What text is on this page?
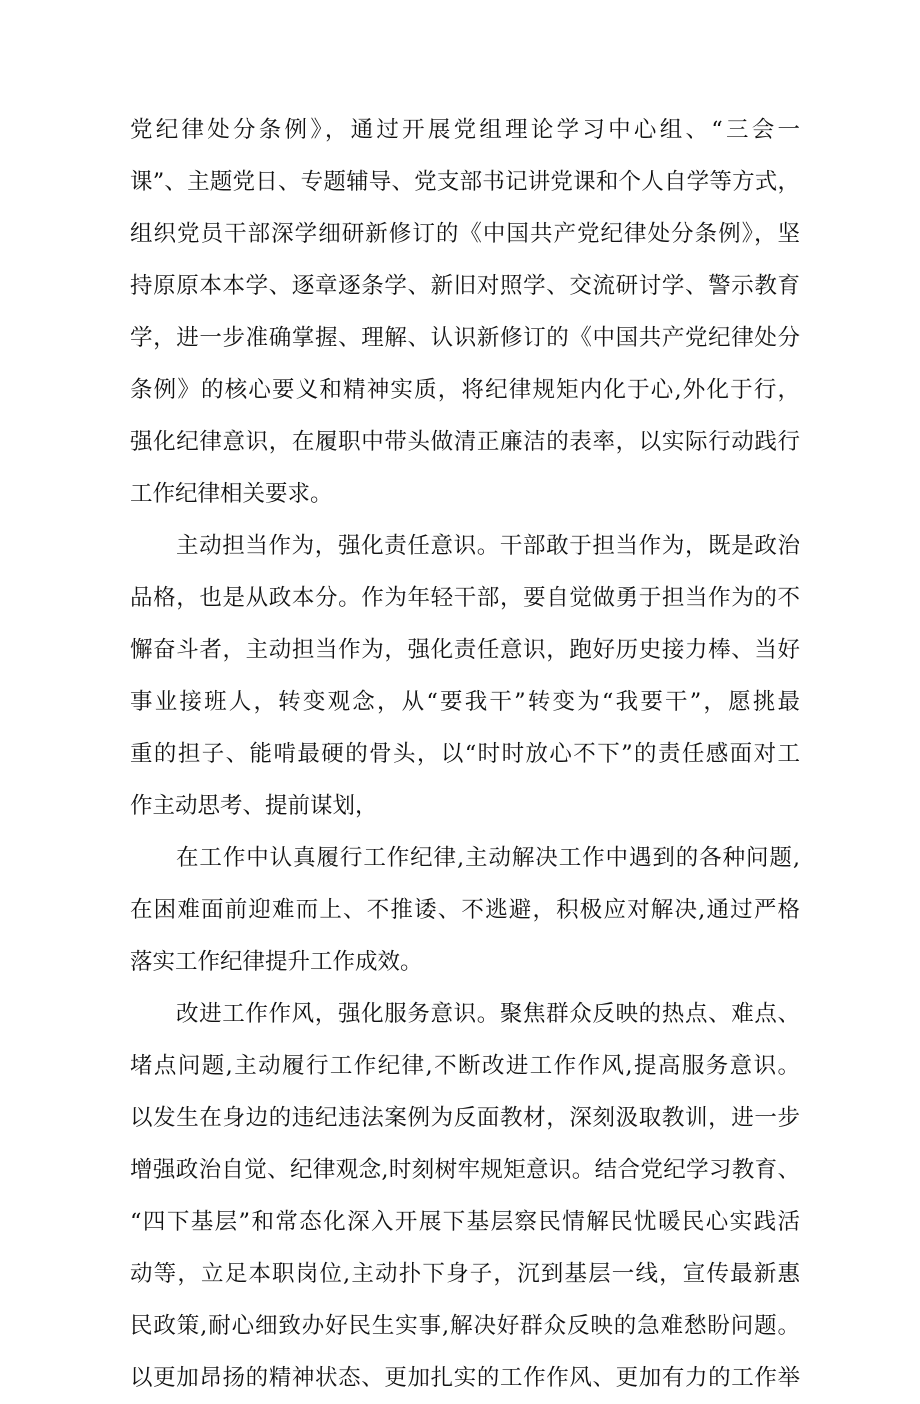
党纪律处分条例》，通过开展党组理论学习中心组、“三会一
课”、主题党日、专题辅导、党支部书记讲党课和个人自学等方式，
组织党员干部深学细研新修订的《中国共产党纪律处分条例》，坚
持原原本本学、逐章逐条学、新旧对照学、交流研讨学、警示教育
学，进一步准确掌握、理解、认识新修订的《中国共产党纪律处分
条例》的核心要义和精神实质，将纪律规矩内化于心,外化于行，
强化纪律意识，在履职中带头做清正廉洁的表率，以实际行动践行
工作纪律相关要求。
主动担当作为，强化责任意识。干部敢于担当作为，既是政治
品格，也是从政本分。作为年轻干部，要自觉做勇于担当作为的不
懈奋斗者，主动担当作为，强化责任意识，跑好历史接力棒、当好
事业接班人，转变观念，从“要我干”转变为“我要干”，愿挑最
重的担子、能啃最硬的骨头，以“时时放心不下”的责任感面对工
作主动思考、提前谋划，
在工作中认真履行工作纪律,主动解决工作中遇到的各种问题,
在困难面前迎难而上、不推诿、不逃避，积极应对解决,通过严格
落实工作纪律提升工作成效。
改进工作作风，强化服务意识。聚焦群众反映的热点、难点、
堵点问题,主动履行工作纪律,不断改进工作作风,提高服务意识。
以发生在身边的违纪违法案例为反面教材，深刻汲取教训，进一步
增强政治自觉、纪律观念,时刻树牢规矩意识。结合党纪学习教育、
“四下基层”和常态化深入开展下基层察民情解民忧暖民心实践活
动等，立足本职岗位,主动扑下身子，沉到基层一线，宣传最新惠
民政策,耐心细致办好民生实事,解决好群众反映的急难愁盼问题。
以更加昂扬的精神状态、更加扎实的工作作风、更加有力的工作举
